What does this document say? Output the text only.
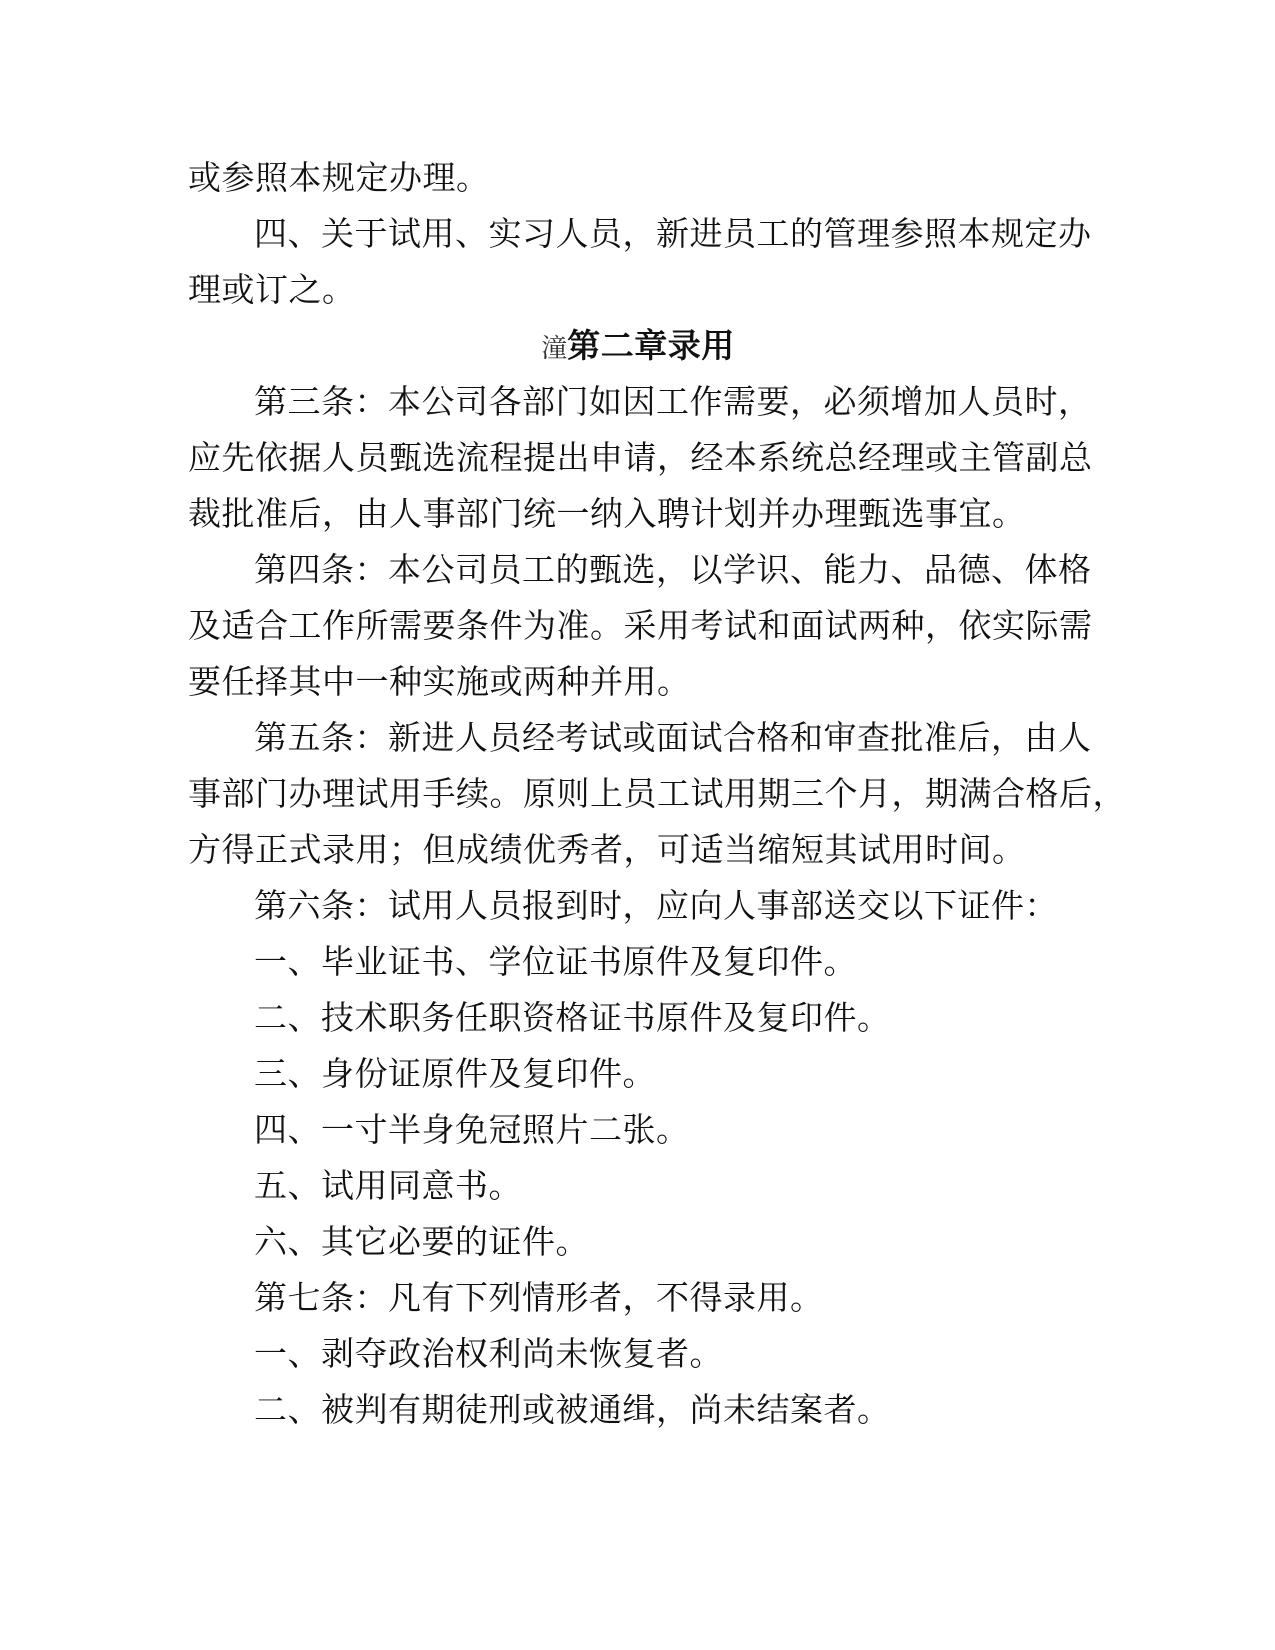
或参照本规定办理。
四、关于试用、实习人员，新进员工的管理参照本规定办
理或订之。
潼 第二章录用
第三条：本公司各部门如因工作需要，必须增加人员时，
应先依据人员甄选流程提出申请，经本系统总经理或主管副总
裁批准后，由人事部门统一纳入聘计划并办理甄选事宜。
第四条：本公司员工的甄选，以学识、能力、品德、体格
及适合工作所需要条件为准。采用考试和面试两种，依实际需
要任择其中一种实施或两种并用。
第五条：新进人员经考试或面试合格和审查批准后，由人
事部门办理试用手续。原则上员工试用期三个月，期满合格后，
方得正式录用；但成绩优秀者，可适当缩短其试用时间。
第六条：试用人员报到时，应向人事部送交以下证件：
一、毕业证书、学位证书原件及复印件。
二、技术职务任职资格证书原件及复印件。
三、身份证原件及复印件。
四、一寸半身免冠照片二张。
五、试用同意书。
六、其它必要的证件。
第七条：凡有下列情形者，不得录用。
一、剥夺政治权利尚未恢复者。
二、被判有期徒刑或被通缉，尚未结案者。
